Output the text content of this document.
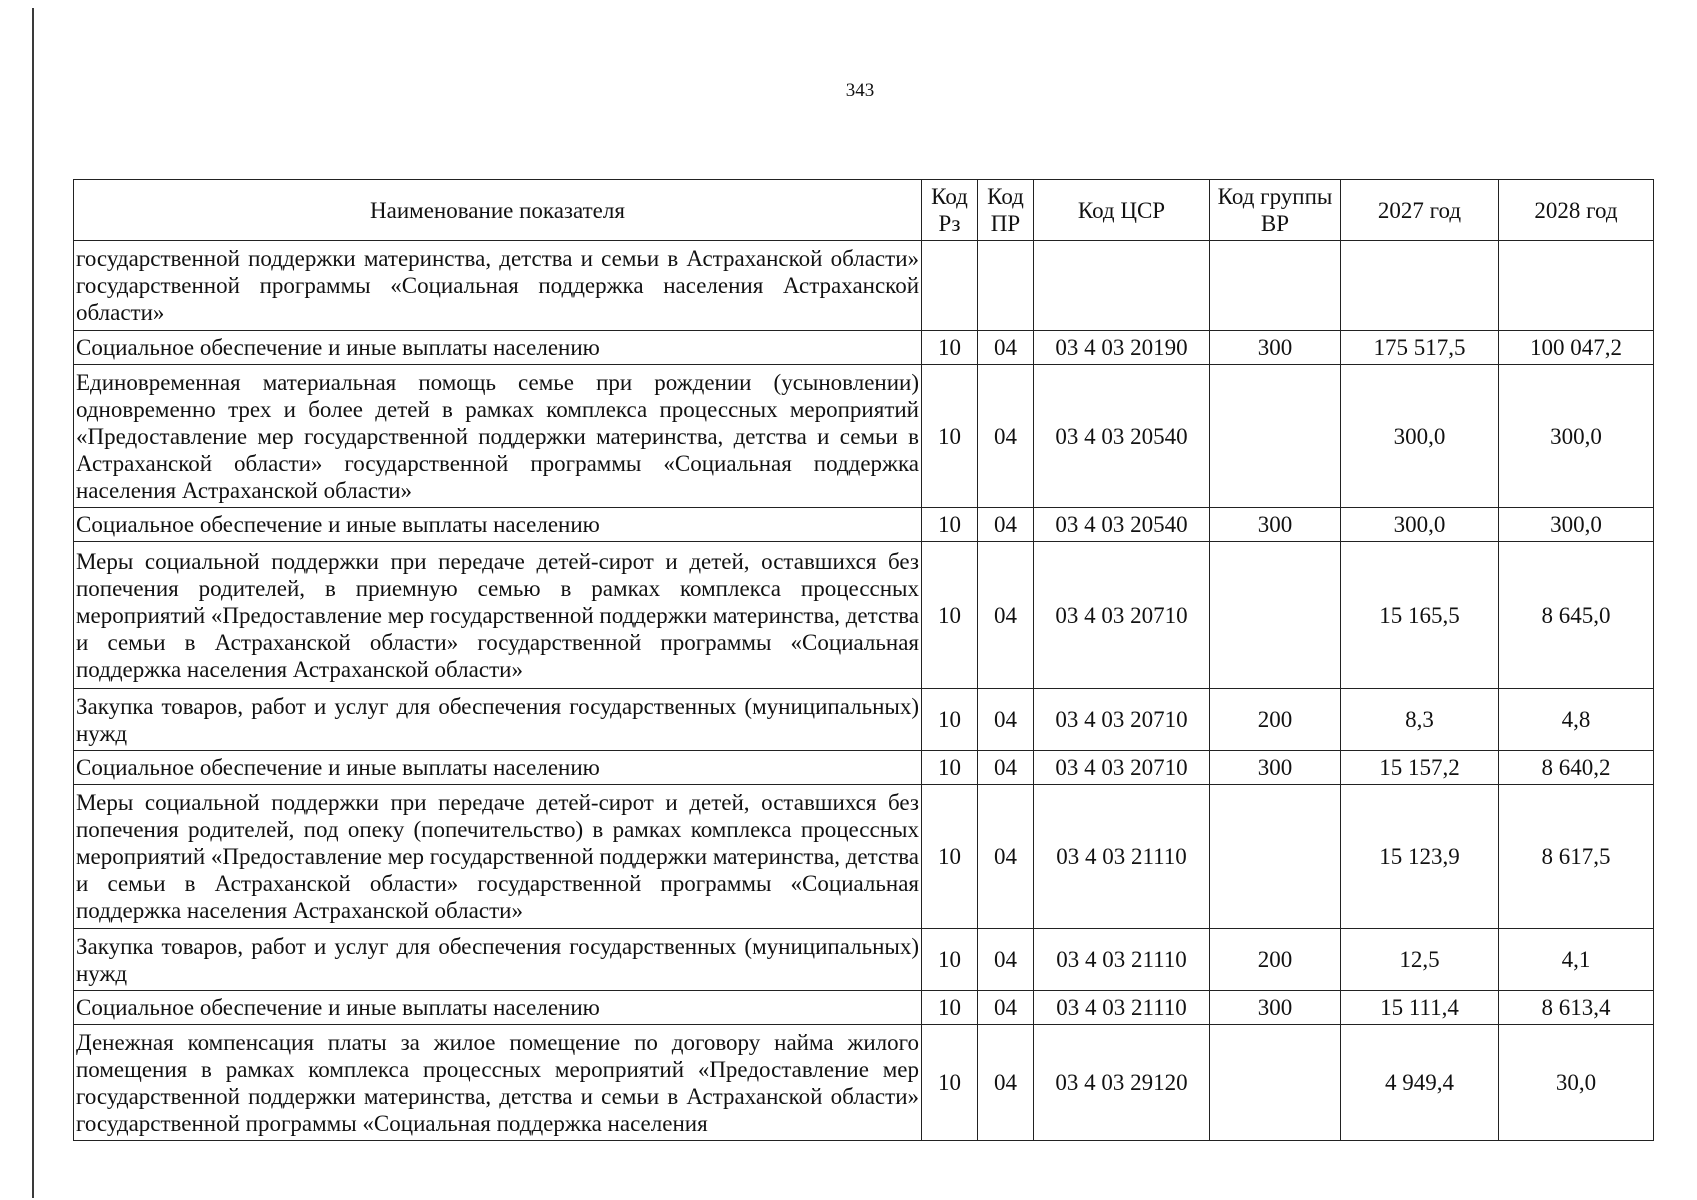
343
Наименование показателя	Код Рз	Код ПР	Код ЦСР	Код группы ВР	2027 год	2028 год
государственной поддержки материнства, детства и семьи в Астраханской области» государственной программы «Социальная поддержка населения Астраханской области»						
Социальное обеспечение и иные выплаты населению	10	04	03 4 03 20190	300	175 517,5	100 047,2
Единовременная материальная помощь семье при рождении (усыновлении) одновременно трех и более детей в рамках комплекса процессных мероприятий «Предоставление мер государственной поддержки материнства, детства и семьи в Астраханской области» государственной программы «Социальная поддержка населения Астраханской области»	10	04	03 4 03 20540		300,0	300,0
Социальное обеспечение и иные выплаты населению	10	04	03 4 03 20540	300	300,0	300,0
Меры социальной поддержки при передаче детей-сирот и детей, оставшихся без попечения родителей, в приемную семью в рамках комплекса процессных мероприятий «Предоставление мер государственной поддержки материнства, детства и семьи в Астраханской области» государственной программы «Социальная поддержка населения Астраханской области»	10	04	03 4 03 20710		15 165,5	8 645,0
Закупка товаров, работ и услуг для обеспечения государственных (муниципальных) нужд	10	04	03 4 03 20710	200	8,3	4,8
Социальное обеспечение и иные выплаты населению	10	04	03 4 03 20710	300	15 157,2	8 640,2
Меры социальной поддержки при передаче детей-сирот и детей, оставшихся без попечения родителей, под опеку (попечительство) в рамках комплекса процессных мероприятий «Предоставление мер государственной поддержки материнства, детства и семьи в Астраханской области» государственной программы «Социальная поддержка населения Астраханской области»	10	04	03 4 03 21110		15 123,9	8 617,5
Закупка товаров, работ и услуг для обеспечения государственных (муниципальных) нужд	10	04	03 4 03 21110	200	12,5	4,1
Социальное обеспечение и иные выплаты населению	10	04	03 4 03 21110	300	15 111,4	8 613,4
Денежная компенсация платы за жилое помещение по договору найма жилого помещения в рамках комплекса процессных мероприятий «Предоставление мер государственной поддержки материнства, детства и семьи в Астраханской области» государственной программы «Социальная поддержка населения	10	04	03 4 03 29120		4 949,4	30,0
